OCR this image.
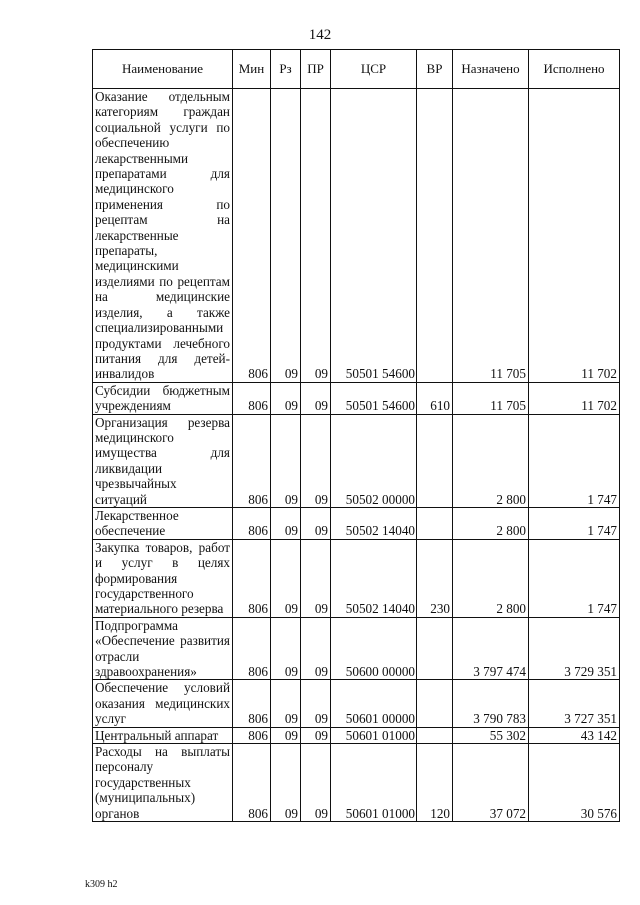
142
Наименование	Мин	Рз	ПР	ЦСР	ВР	Назначено	Исполнено
Оказание отдельным категориям граждан социальной услуги по обеспечению лекарственными препаратами для медицинского применения по рецептам на лекарственные препараты, медицинскими изделиями по рецептам на медицинские изделия, а также специализированными продуктами лечебного питания для детей-инвалидов	806	09	09	50501 54600		11 705	11 702
Субсидии бюджетным учреждениям	806	09	09	50501 54600	610	11 705	11 702
Организация резерва медицинского имущества для ликвидации чрезвычайных ситуаций	806	09	09	50502 00000		2 800	1 747
Лекарственное обеспечение	806	09	09	50502 14040		2 800	1 747
Закупка товаров, работ и услуг в целях формирования государственного материального резерва	806	09	09	50502 14040	230	2 800	1 747
Подпрограмма «Обеспечение развития отрасли здравоохранения»	806	09	09	50600 00000		3 797 474	3 729 351
Обеспечение условий оказания медицинских услуг	806	09	09	50601 00000		3 790 783	3 727 351
Центральный аппарат	806	09	09	50601 01000		55 302	43 142
Расходы на выплаты персоналу государственных (муниципальных) органов	806	09	09	50601 01000	120	37 072	30 576
k309 h2
